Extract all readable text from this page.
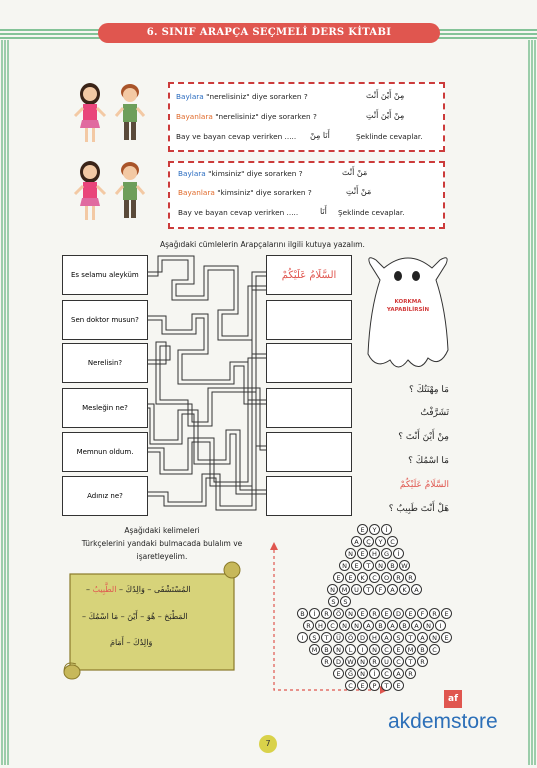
6. SINIF ARAPÇA SEÇMELİ DERS KİTABI
Baylara "nerelisiniz" diye sorarken ?	مِنْ أَيْنَ أَنْتَ
Bayanlara "nerelisiniz" diye sorarken ?	مِنْ أَيْنَ أَنْتِ
Bay ve bayan cevap verirken ..... أَنَا مِنْ	Şeklinde cevaplar.
Baylara "kimsiniz" diye sorarken ?	مَنْ أَنْتَ
Bayanlara "kimsiniz" diye sorarken ?	مَنْ أَنْتِ
Bay ve bayan cevap verirken .....	أَنَا Şeklinde cevaplar.
Aşağıdaki cümlelerin Arapçalarını ilgili kutuya yazalım.
Es selamu aleyküm
Sen doktor musun?
Nerelisin?
Mesleğin ne?
Memnun oldum.
Adınız ne?
السَّلَامُ عَلَيْكُمْ
KORKMA YAPABİLİRSİN
مَا مِهْنَتُكَ ؟
تَشَرَّفْتُ
مِنْ أَيْنَ أَنْتَ ؟
مَا اسْمُكَ ؟
السَّلَامُ عَلَيْكُمْ
هَلْ أَنْتَ طَبِيبٌ ؟
Aşağıdaki kelimeleri
Türkçelerini yandaki bulmacada bulalım ve
işaretleyelim.
المُسْتَشْفَى – وَالِدُكَ – الطَّبِيبُ –
المَطْبَخ – هُوَ – أَيْنَ – مَا اسْمُكَ –
وَالِدُكَ – أَمَامَ
E	Y	İ
A	Ç	Y	C
N	E	H	G	İ
N	E	T	N	B	W
E	E	K	C	O	R	R
N	M	U	T	F	A	K	A
S	S
B	İ	R	Ö	N	E	R	E	D	E	F	R	E
R	H	C	N	N	A	B	A	B	A	N	I
I	S	T	Ü	Ö	D	H	A	S	T	A	N	E
M	B	N	L	I	N	C	E	M	B	C
R	D W N	R	U	C	T	R
E	Ğ	N	İ	C	A	R
C	E	P	T	E
7
af
akdemstore
